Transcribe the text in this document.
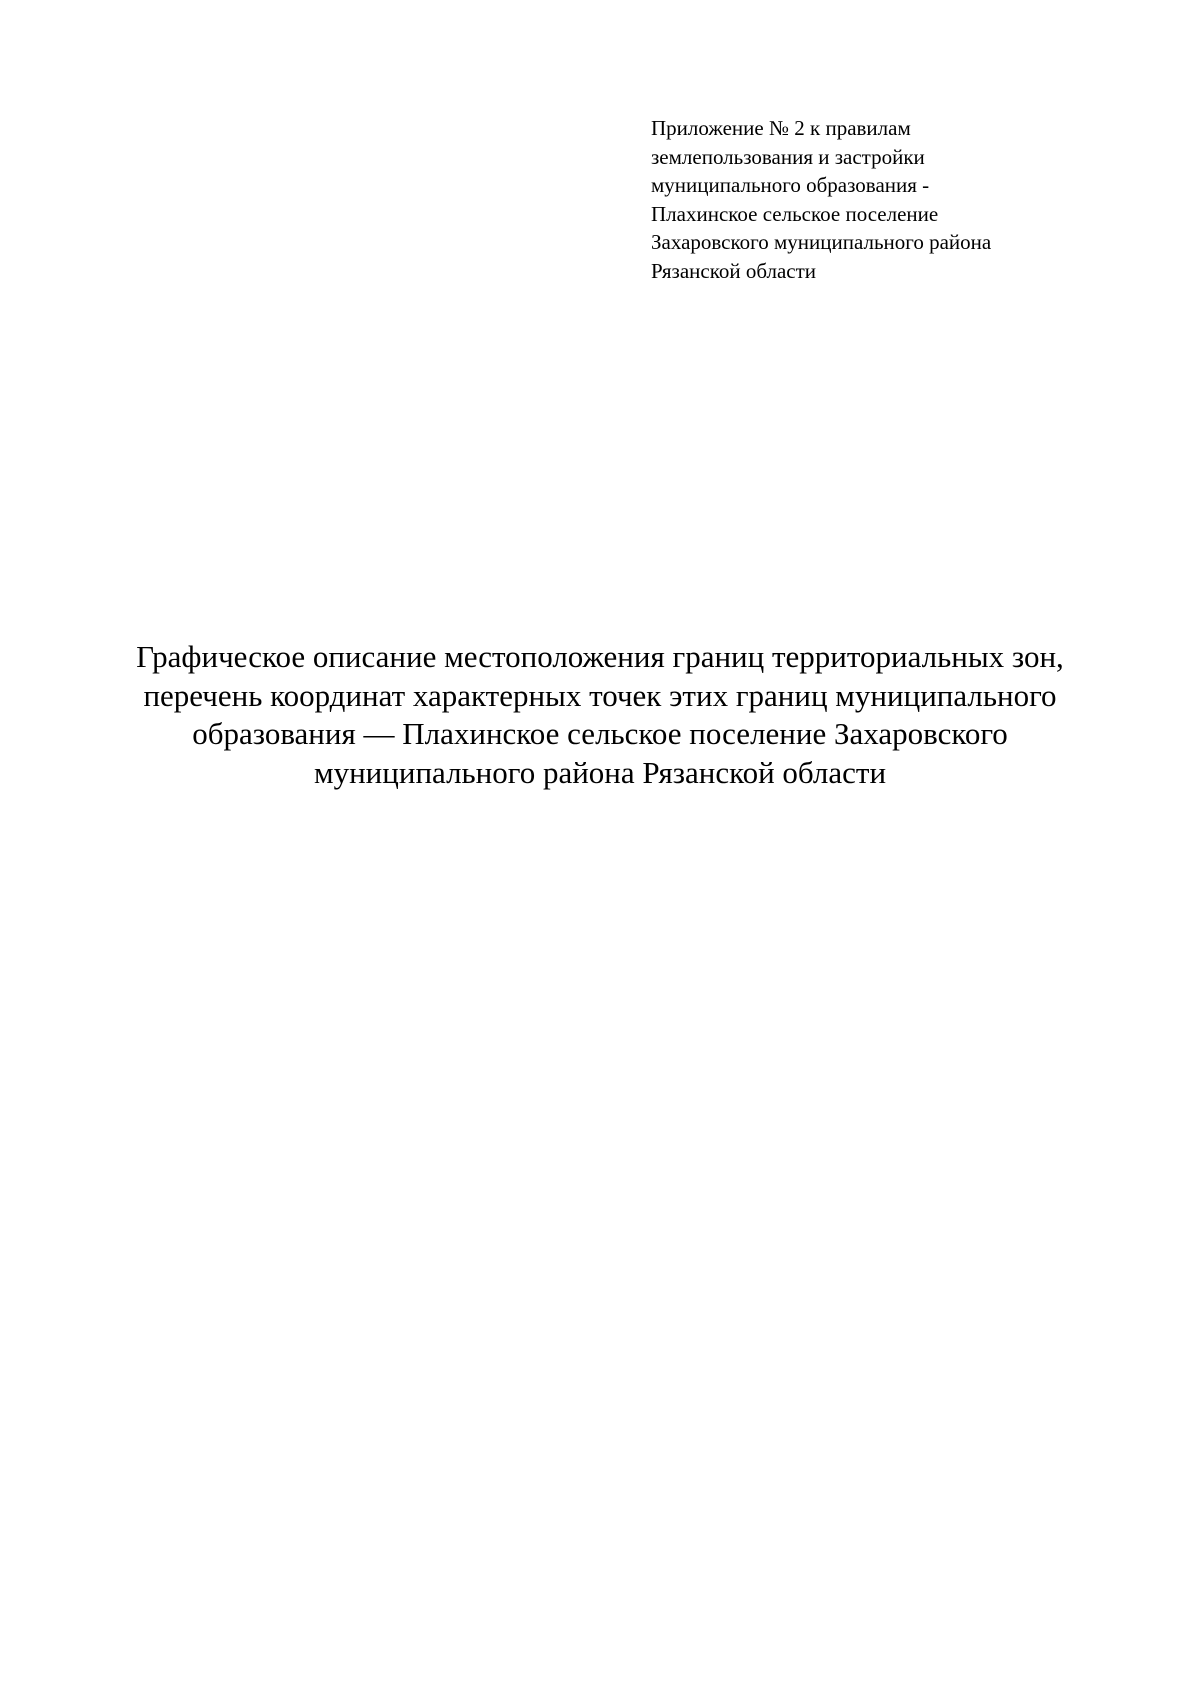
Приложение № 2 к правилам
землепользования и застройки
муниципального образования -
Плахинское сельское поселение
Захаровского муниципального района
Рязанской области
Графическое описание местоположения границ территориальных зон,
перечень координат характерных точек этих границ муниципального
образования — Плахинское сельское поселение Захаровского
муниципального района Рязанской области
